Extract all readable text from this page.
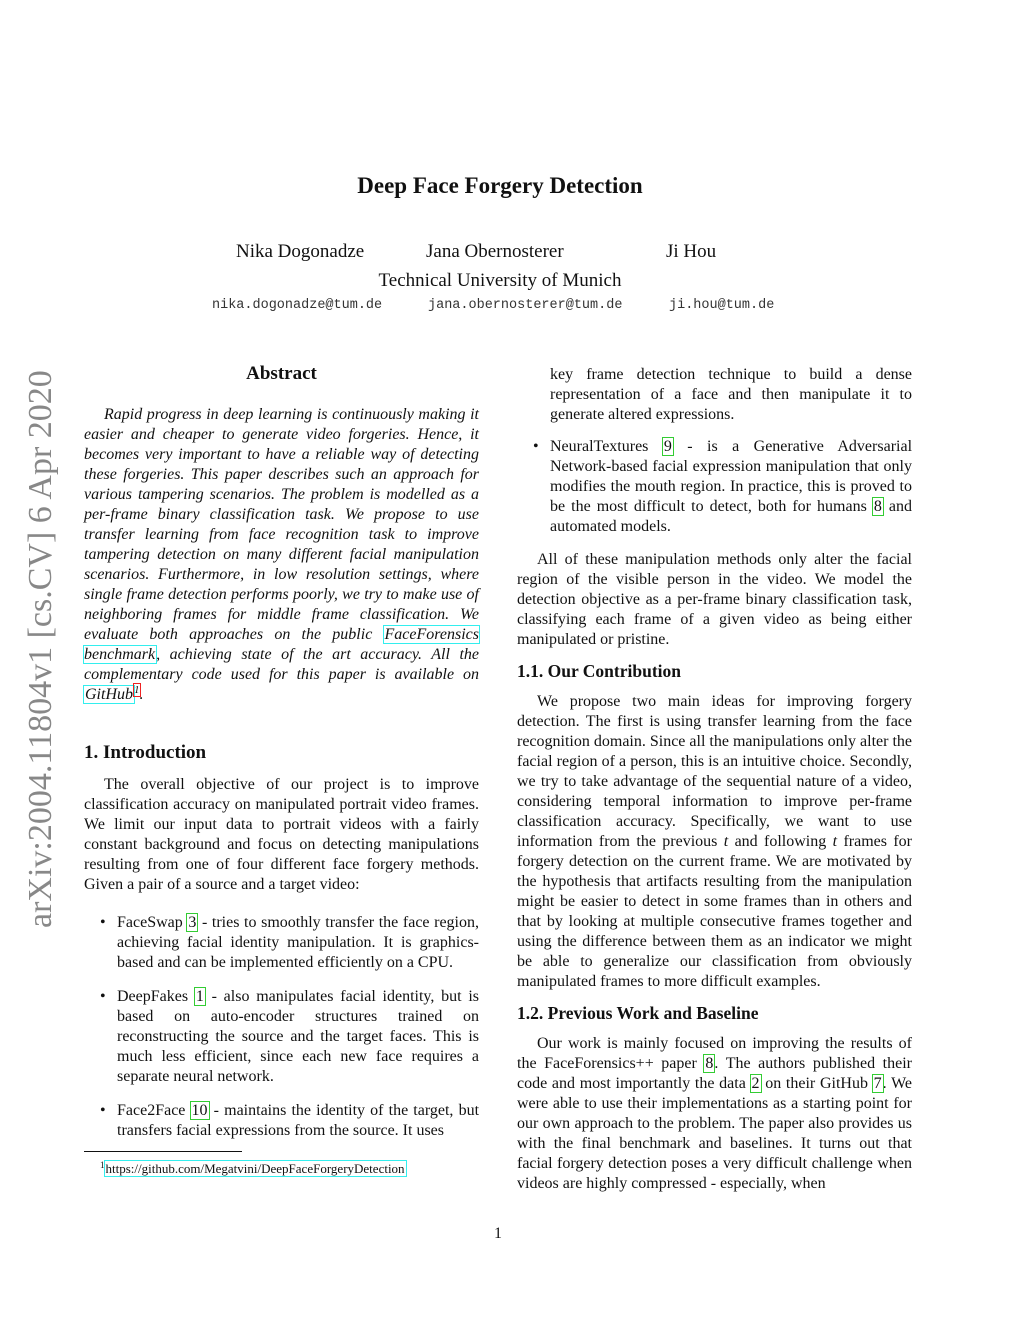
arXiv:2004.11804v1 [cs.CV] 6 Apr 2020
Deep Face Forgery Detection
Nika Dogonadze	Jana Obernosterer	Ji Hou
Technical University of Munich
nika.dogonadze@tum.de	jana.obernosterer@tum.de	ji.hou@tum.de
Abstract

Rapid progress in deep learning is continuously making it easier and cheaper to generate video forgeries. Hence, it becomes very important to have a reliable way of detecting these forgeries. This paper describes such an approach for various tampering scenarios. The problem is modelled as a per-frame binary classification task. We propose to use transfer learning from face recognition task to improve tampering detection on many different facial manipulation scenarios. Furthermore, in low resolution settings, where single frame detection performs poorly, we try to make use of neighboring frames for middle frame classification. We evaluate both approaches on the public FaceForensics benchmark, achieving state of the art accuracy. All the complementary code used for this paper is available on GitHub$^1$.

1. Introduction

The overall objective of our project is to improve classification accuracy on manipulated portrait video frames. We limit our input data to portrait videos with a fairly constant background and focus on detecting manipulations resulting from one of four different face forgery methods. Given a pair of a source and a target video:

• FaceSwap 3 - tries to smoothly transfer the face region, achieving facial identity manipulation. It is graphics-based and can be implemented efficiently on a CPU.

• DeepFakes 1 - also manipulates facial identity, but is based on auto-encoder structures trained on reconstructing the source and the target faces. This is much less efficient, since each new face requires a separate neural network.

• Face2Face 10 - maintains the identity of the target, but transfers facial expressions from the source. It uses

$^1$https://github.com/Megatvini/DeepFaceForgeryDetection

key frame detection technique to build a dense representation of a face and then manipulate it to generate altered expressions.

• NeuralTextures 9 - is a Generative Adversarial Network-based facial expression manipulation that only modifies the mouth region. In practice, this is proved to be the most difficult to detect, both for humans 8 and automated models.

All of these manipulation methods only alter the facial region of the visible person in the video. We model the detection objective as a per-frame binary classification task, classifying each frame of a given video as being either manipulated or pristine.

1.1. Our Contribution

We propose two main ideas for improving forgery detection. The first is using transfer learning from the face recognition domain. Since all the manipulations only alter the facial region of a person, this is an intuitive choice. Secondly, we try to take advantage of the sequential nature of a video, considering temporal information to improve per-frame classification accuracy. Specifically, we want to use information from the previous t and following t frames for forgery detection on the current frame. We are motivated by the hypothesis that artifacts resulting from the manipulation might be easier to detect in some frames than in others and that by looking at multiple consecutive frames together and using the difference between them as an indicator we might be able to generalize our classification from obviously manipulated frames to more difficult examples.

1.2. Previous Work and Baseline

Our work is mainly focused on improving the results of the FaceForensics++ paper 8. The authors published their code and most importantly the data 2 on their GitHub 7. We were able to use their implementations as a starting point for our own approach to the problem. The paper also provides us with the final benchmark and baselines. It turns out that facial forgery detection poses a very difficult challenge when videos are highly compressed - especially, when

1
